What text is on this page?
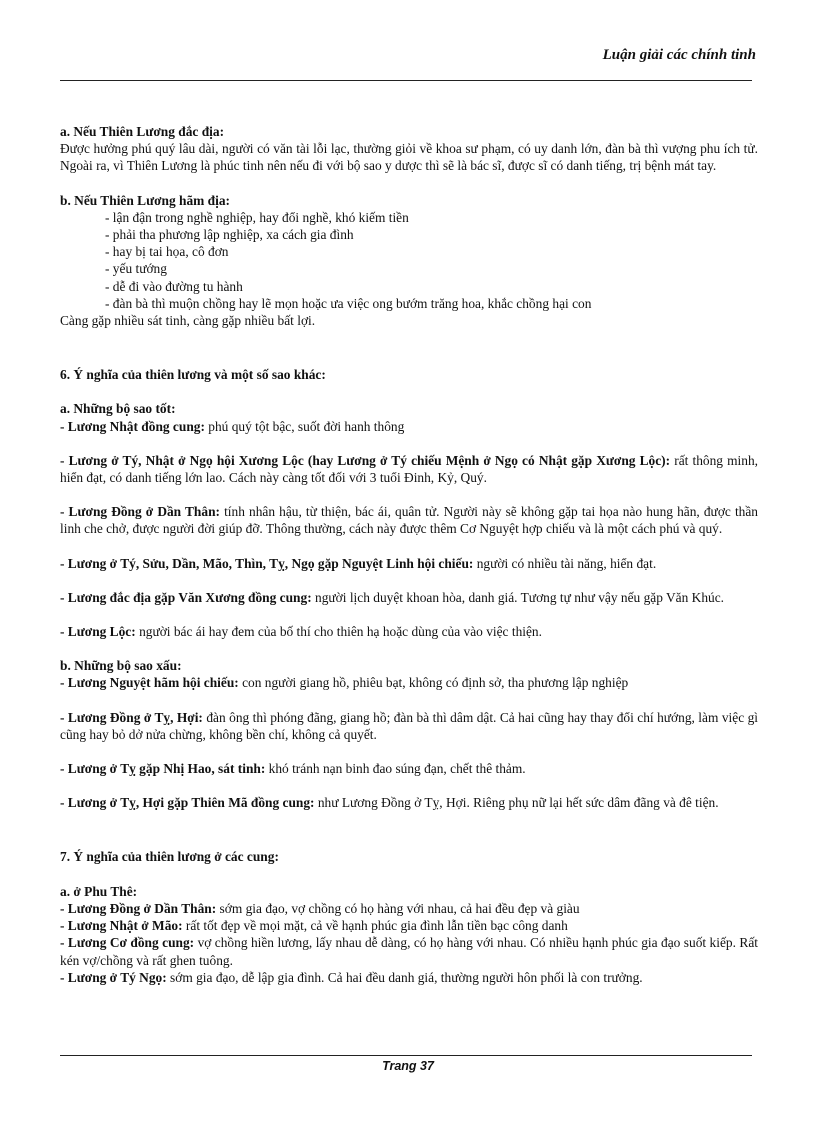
Luận giải các chính tinh

a. Nếu Thiên Lương đắc địa:

Được hưởng phú quý lâu dài, người có văn tài lỗi lạc, thường giỏi về khoa sư phạm, có uy danh lớn, đàn bà thì vượng phu ích tử. Ngoài ra, vì Thiên Lương là phúc tinh nên nếu đi với bộ sao y dược thì sẽ là bác sĩ, được sĩ có danh tiếng, trị bệnh mát tay.

b. Nếu Thiên Lương hãm địa:

- lận đận trong nghề nghiệp, hay đổi nghề, khó kiếm tiền

- phải tha phương lập nghiệp, xa cách gia đình

- hay bị tai họa, cô đơn

- yếu tướng

- dễ đi vào đường tu hành

- đàn bà thì muộn chồng hay lẽ mọn hoặc ưa việc ong bướm trăng hoa, khắc chồng hại con

Càng gặp nhiều sát tinh, càng gặp nhiều bất lợi.

6. Ý nghĩa của thiên lương và một số sao khác:

a. Những bộ sao tốt:

- Lương Nhật đồng cung: phú quý tột bậc, suốt đời hanh thông

- Lương ở Tý, Nhật ở Ngọ hội Xương Lộc (hay Lương ở Tý chiếu Mệnh ở Ngọ có Nhật gặp Xương Lộc): rất thông minh, hiển đạt, có danh tiếng lớn lao. Cách này càng tốt đối với 3 tuổi Đinh, Kỷ, Quý.

- Lương Đồng ở Dần Thân: tính nhân hậu, từ thiện, bác ái, quân tử. Người này sẽ không gặp tai họa nào hung hãn, được thần linh che chở, được người đời giúp đỡ. Thông thường, cách này được thêm Cơ Nguyệt hợp chiếu và là một cách phú và quý.

- Lương ở Tý, Sửu, Dần, Mão, Thìn, Tỵ, Ngọ gặp Nguyệt Linh hội chiếu: người có nhiều tài năng, hiển đạt.

- Lương đắc địa gặp Văn Xương đồng cung: người lịch duyệt khoan hòa, danh giá. Tương tự như vậy nếu gặp Văn Khúc.

- Lương Lộc: người bác ái hay đem của bố thí cho thiên hạ hoặc dùng của vào việc thiện.

b. Những bộ sao xấu:

- Lương Nguyệt hãm hội chiếu: con người giang hồ, phiêu bạt, không có định sở, tha phương lập nghiệp

- Lương Đồng ở Tỵ, Hợi: đàn ông thì phóng đãng, giang hồ; đàn bà thì dâm dật. Cả hai cũng hay thay đổi chí hướng, làm việc gì cũng hay bỏ dở nửa chừng, không bền chí, không cả quyết.

- Lương ở Tỵ gặp Nhị Hao, sát tinh: khó tránh nạn binh đao súng đạn, chết thê thảm.

- Lương ở Tỵ, Hợi gặp Thiên Mã đồng cung: như Lương Đồng ở Tỵ, Hợi. Riêng phụ nữ lại hết sức dâm đãng và đê tiện.

7. Ý nghĩa của thiên lương ở các cung:

a. ở Phu Thê:

- Lương Đồng ở Dần Thân: sớm gia đạo, vợ chồng có họ hàng với nhau, cả hai đều đẹp và giàu

- Lương Nhật ở Mão: rất tốt đẹp về mọi mặt, cả về hạnh phúc gia đình lẫn tiền bạc công danh

- Lương Cơ đồng cung: vợ chồng hiền lương, lấy nhau dễ dàng, có họ hàng với nhau. Có nhiều hạnh phúc gia đạo suốt kiếp. Rất kén vợ/chồng và rất ghen tuông.

- Lương ở Tý Ngọ: sớm gia đạo, dễ lập gia đình. Cả hai đều danh giá, thường người hôn phối là con trưởng.

Trang 37
